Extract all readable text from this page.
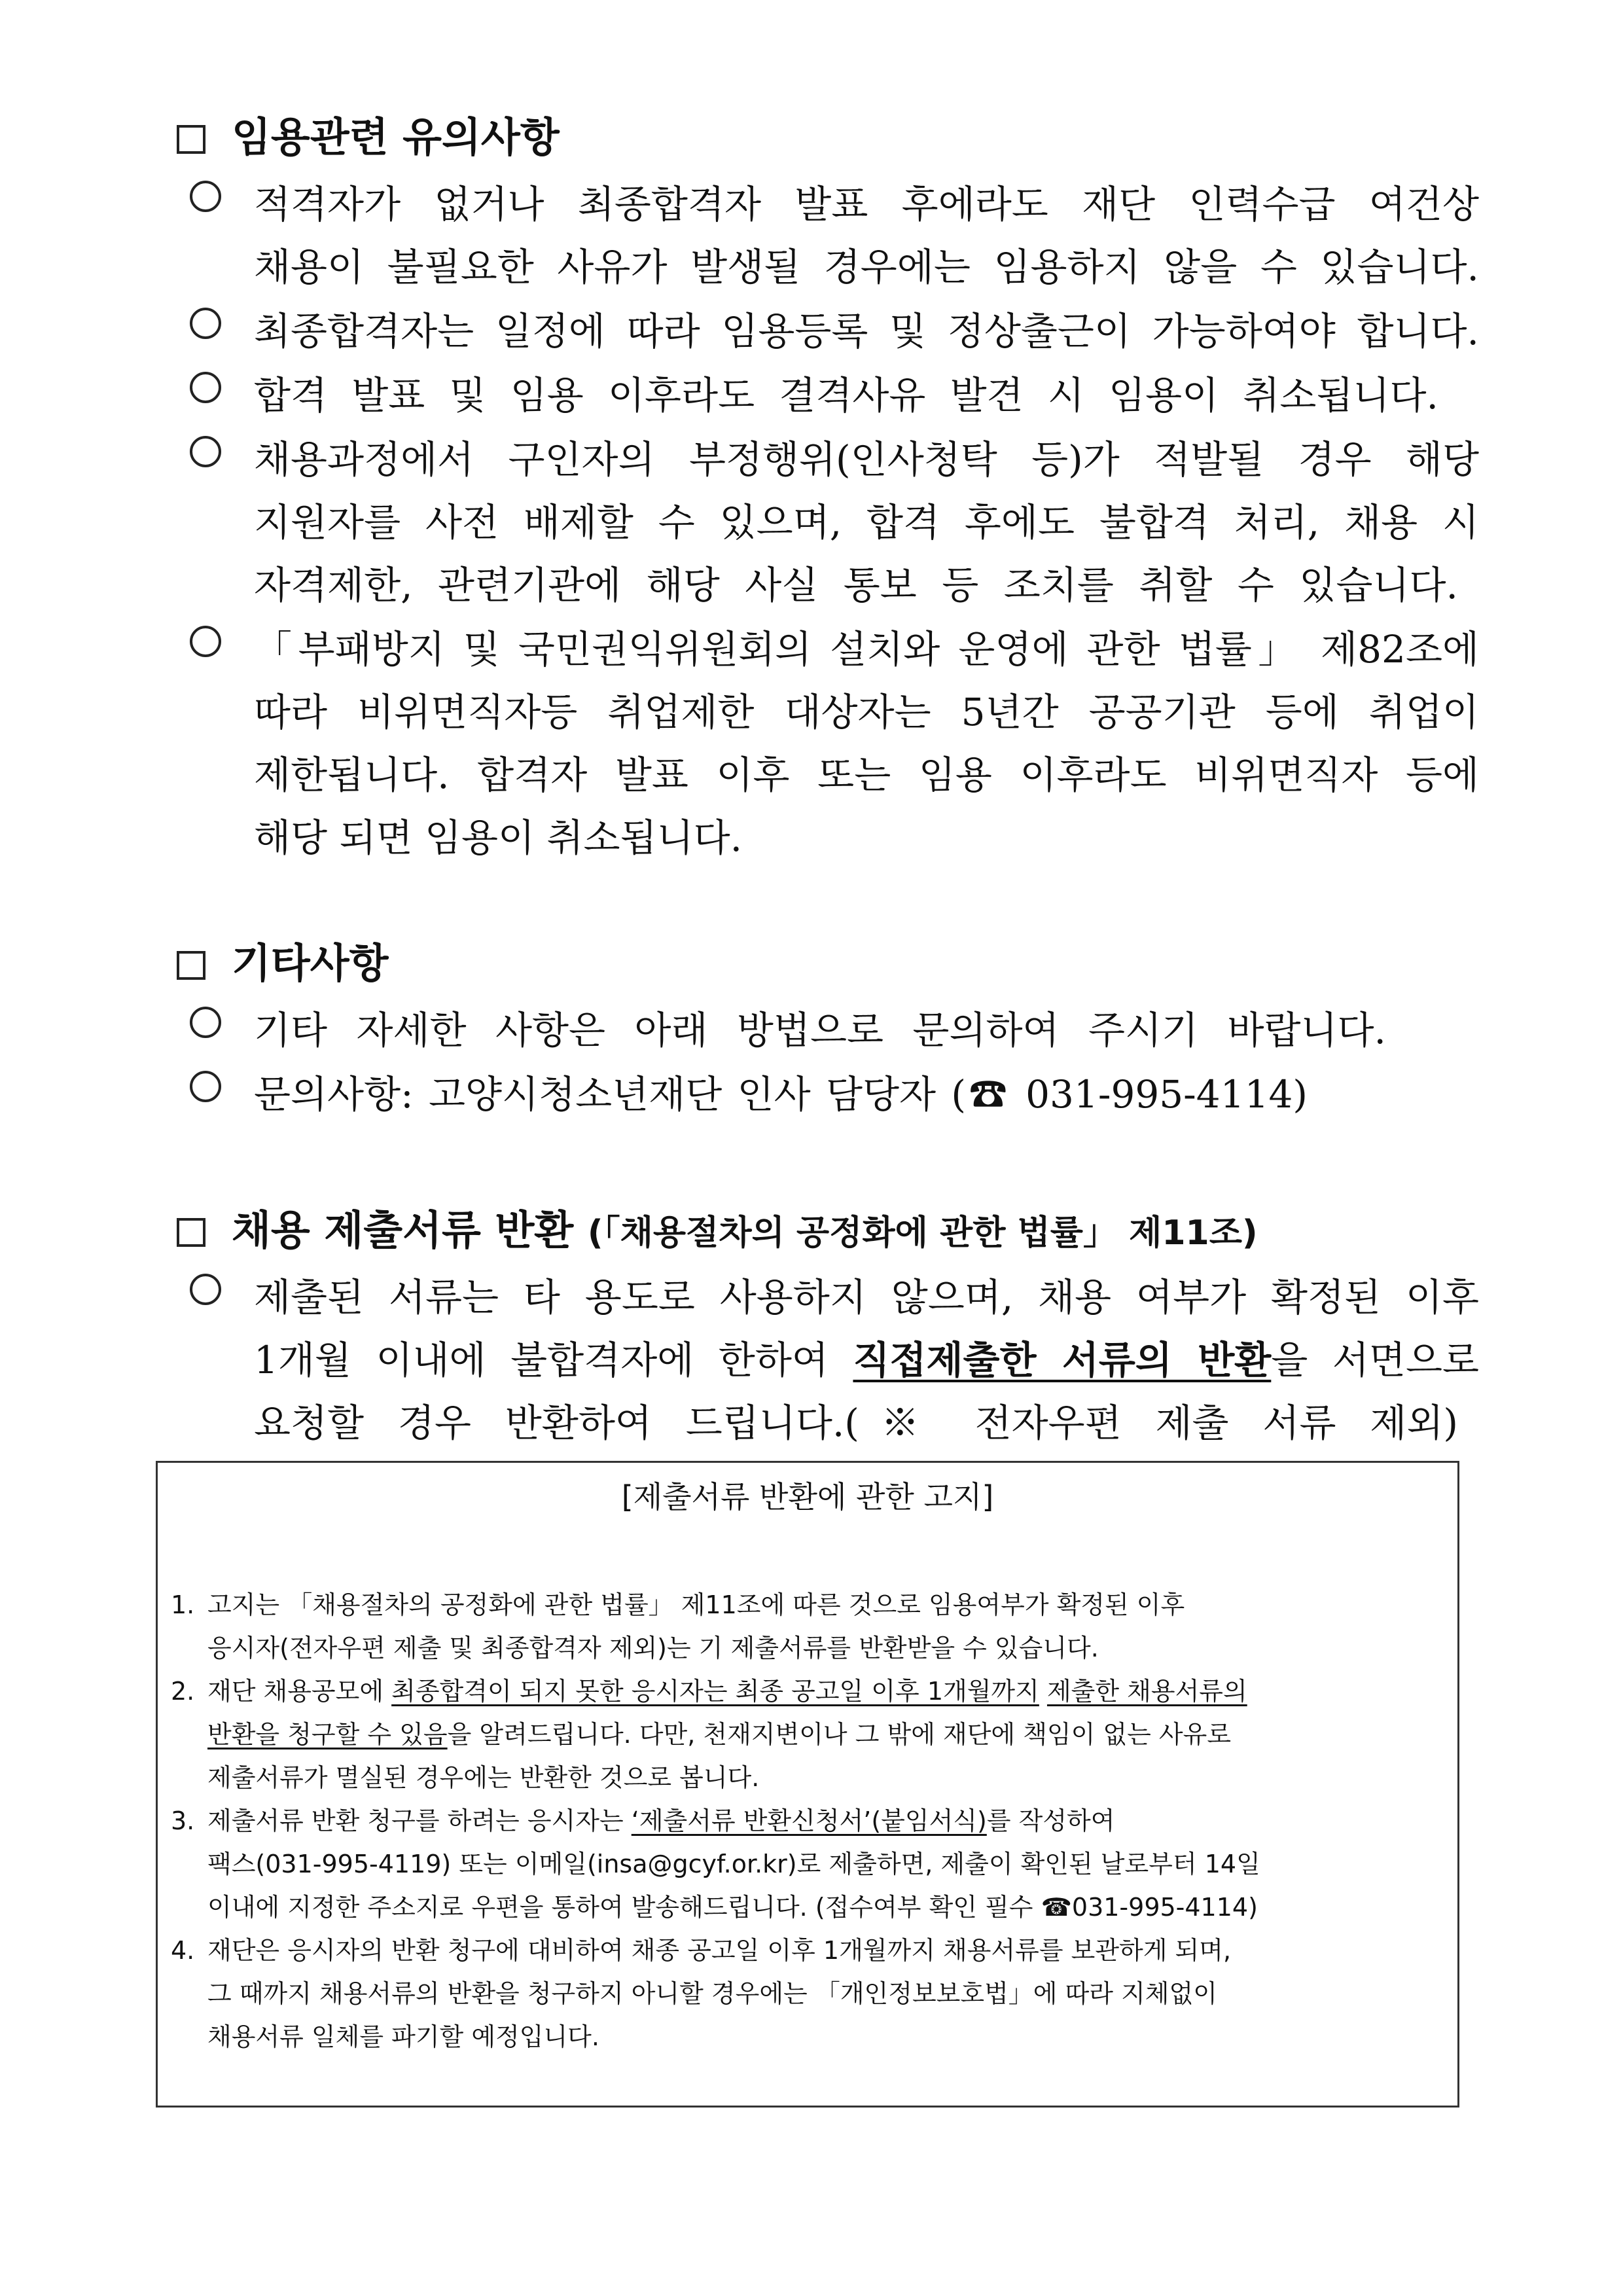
임용관련 유의사항
적격자가 없거나 최종합격자 발표 후에라도 재단 인력수급 여건상
채용이 불필요한 사유가 발생될 경우에는 임용하지 않을 수 있습니다.
최종합격자는 일정에 따라 임용등록 및 정상출근이 가능하여야 합니다.
합격 발표 및 임용 이후라도 결격사유 발견 시 임용이 취소됩니다.
채용과정에서 구인자의 부정행위(인사청탁 등)가 적발될 경우 해당
지원자를 사전 배제할 수 있으며, 합격 후에도 불합격 처리, 채용 시
자격제한, 관련기관에 해당 사실 통보 등 조치를 취할 수 있습니다.
「부패방지 및 국민권익위원회의 설치와 운영에 관한 법률」 제82조에
따라 비위면직자등 취업제한 대상자는 5년간 공공기관 등에 취업이
제한됩니다. 합격자 발표 이후 또는 임용 이후라도 비위면직자 등에
해당 되면 임용이 취소됩니다.
기타사항
기타 자세한 사항은 아래 방법으로 문의하여 주시기 바랍니다.
문의사항: 고양시청소년재단 인사 담당자 (☎ 031-995-4114)
채용 제출서류 반환 (「채용절차의 공정화에 관한 법률」 제11조)
제출된 서류는 타 용도로 사용하지 않으며, 채용 여부가 확정된 이후
1개월 이내에 불합격자에 한하여 직접제출한 서류의 반환을 서면으로
요청할 경우 반환하여 드립니다.(※ 전자우편 제출 서류 제외)
[제출서류 반환에 관한 고지]
1. 고지는 「채용절차의 공정화에 관한 법률」 제11조에 따른 것으로 임용여부가 확정된 이후
응시자(전자우편 제출 및 최종합격자 제외)는 기 제출서류를 반환받을 수 있습니다.
2. 재단 채용공모에 최종합격이 되지 못한 응시자는 최종 공고일 이후 1개월까지 제출한 채용서류의
반환을 청구할 수 있음을 알려드립니다. 다만, 천재지변이나 그 밖에 재단에 책임이 없는 사유로
제출서류가 멸실된 경우에는 반환한 것으로 봅니다.
3. 제출서류 반환 청구를 하려는 응시자는 ‘제출서류 반환신청서’(붙임서식)를 작성하여
팩스(031-995-4119) 또는 이메일(insa@gcyf.or.kr)로 제출하면, 제출이 확인된 날로부터 14일
이내에 지정한 주소지로 우편을 통하여 발송해드립니다. (접수여부 확인 필수 ☎031-995-4114)
4. 재단은 응시자의 반환 청구에 대비하여 채종 공고일 이후 1개월까지 채용서류를 보관하게 되며,
그 때까지 채용서류의 반환을 청구하지 아니할 경우에는 「개인정보보호법」에 따라 지체없이
채용서류 일체를 파기할 예정입니다.
